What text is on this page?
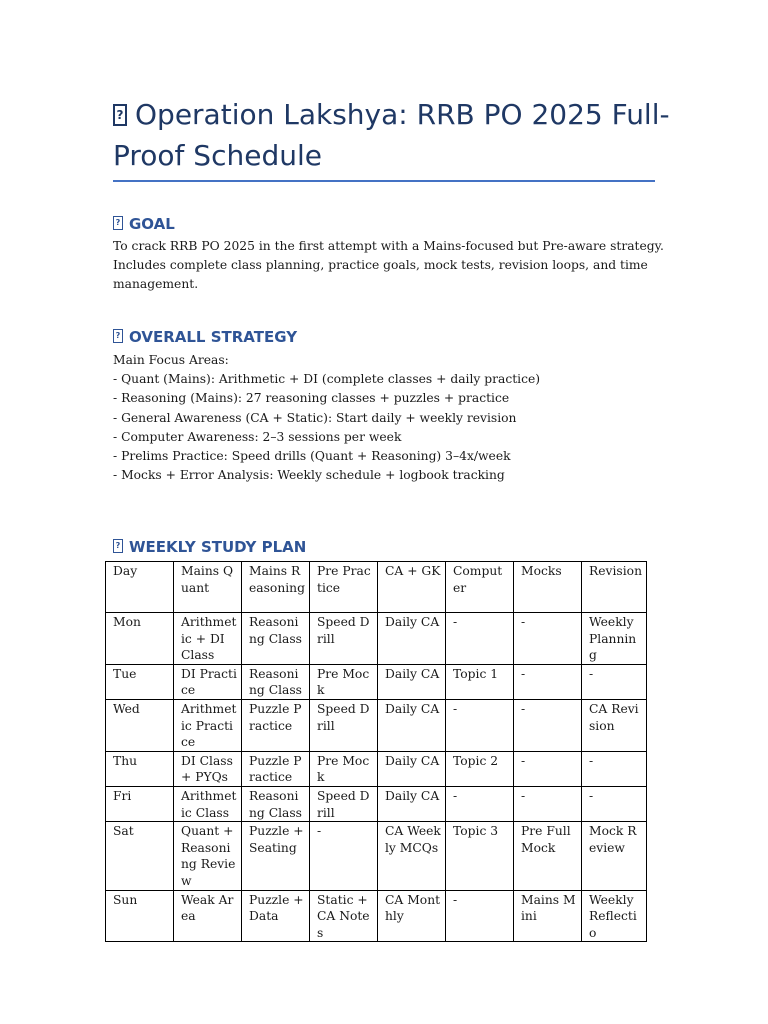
?Operation Lakshya: RRB PO 2025 Full-Proof Schedule
?GOAL
To crack RRB PO 2025 in the first attempt with a Mains-focused but Pre-aware strategy.
Includes complete class planning, practice goals, mock tests, revision loops, and time
management.
?OVERALL STRATEGY
Main Focus Areas:
- Quant (Mains): Arithmetic + DI (complete classes + daily practice)
- Reasoning (Mains): 27 reasoning classes + puzzles + practice
- General Awareness (CA + Static): Start daily + weekly revision
- Computer Awareness: 2–3 sessions per week
- Prelims Practice: Speed drills (Quant + Reasoning) 3–4x/week
- Mocks + Error Analysis: Weekly schedule + logbook tracking
?WEEKLY STUDY PLAN
Day	Mains Quant	Mains Reasoning	Pre Practice	CA + GK	Computer	Mocks	Revision
Mon	Arithmetic + DI Class	Reasoning Class	Speed Drill	Daily CA	-	-	Weekly Planning
Tue	DI Practice	Reasoning Class	Pre Mock	Daily CA	Topic 1	-	-
Wed	Arithmetic Practice	Puzzle Practice	Speed Drill	Daily CA	-	-	CA Revision
Thu	DI Class + PYQs	Puzzle Practice	Pre Mock	Daily CA	Topic 2	-	-
Fri	Arithmetic Class	Reasoning Class	Speed Drill	Daily CA	-	-	-
Sat	Quant + Reasoning Review	Puzzle + Seating	-	CA Weekly MCQs	Topic 3	Pre Full Mock	Mock Review
Sun	Weak Area	Puzzle + Data	Static + CA Notes	CA Monthly	-	Mains Mini	Weekly Reflectio
